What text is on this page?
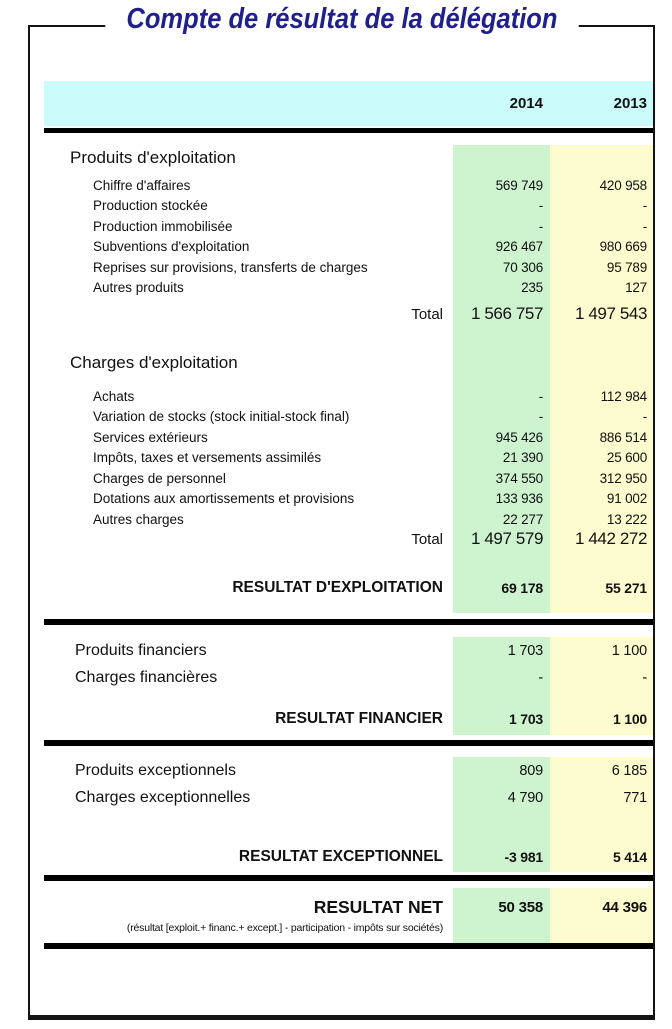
Compte de résultat de la délégation
2014	2013
Produits d'exploitation
Chiffre d'affaires	569 749	420 958
Production stockée	-	-
Production immobilisée	-	-
Subventions d'exploitation	926 467	980 669
Reprises sur provisions, transferts de charges	70 306	95 789
Autres produits	235	127
Total	1 566 757	1 497 543
Charges d'exploitation
Achats	-	112 984
Variation de stocks (stock initial-stock final)	-	-
Services extérieurs	945 426	886 514
Impôts, taxes et versements assimilés	21 390	25 600
Charges de personnel	374 550	312 950
Dotations aux amortissements et provisions	133 936	91 002
Autres charges	22 277	13 222
Total	1 497 579	1 442 272
RESULTAT D'EXPLOITATION	69 178	55 271
Produits financiers	1 703	1 100
Charges financières	-	-
RESULTAT FINANCIER	1 703	1 100
Produits exceptionnels	809	6 185
Charges exceptionnelles	4 790	771
RESULTAT EXCEPTIONNEL	-3 981	5 414
RESULTAT NET	50 358	44 396
(résultat [exploit.+ financ.+ except.] - participation - impôts sur sociétés)
